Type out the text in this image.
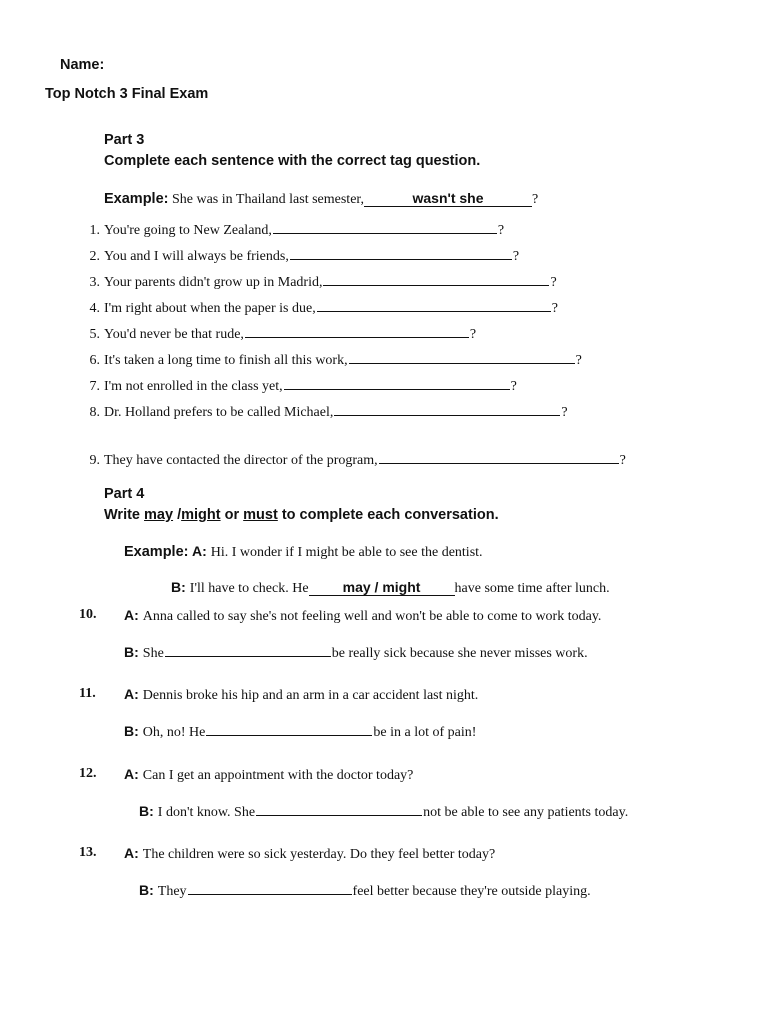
Name:
Top Notch 3 Final Exam
Part 3
Complete each sentence with the correct tag question.
Example: She was in Thailand last semester,	wasn't she	?
1. You're going to New Zealand,	?
2. You and I will always be friends,	?
3. Your parents didn't grow up in Madrid,	?
4. I'm right about when the paper is due,	?
5. You'd never be that rude,	?
6. It's taken a long time to finish all this work,	?
7. I'm not enrolled in the class yet,	?
8. Dr. Holland prefers to be called Michael,	?
9. They have contacted the director of the program,	?
Part 4
Write may /might or must to complete each conversation.
Example: A: Hi. I wonder if I might be able to see the dentist.
B: I'll have to check. He may / might have some time after lunch.
10. A: Anna called to say she's not feeling well and won't be able to come to work today.
B: She	be really sick because she never misses work.
11. A: Dennis broke his hip and an arm in a car accident last night.
B: Oh, no! He	be in a lot of pain!
12. A: Can I get an appointment with the doctor today?
B: I don't know. She	not be able to see any patients today.
13. A: The children were so sick yesterday. Do they feel better today?
B: They	feel better because they're outside playing.
